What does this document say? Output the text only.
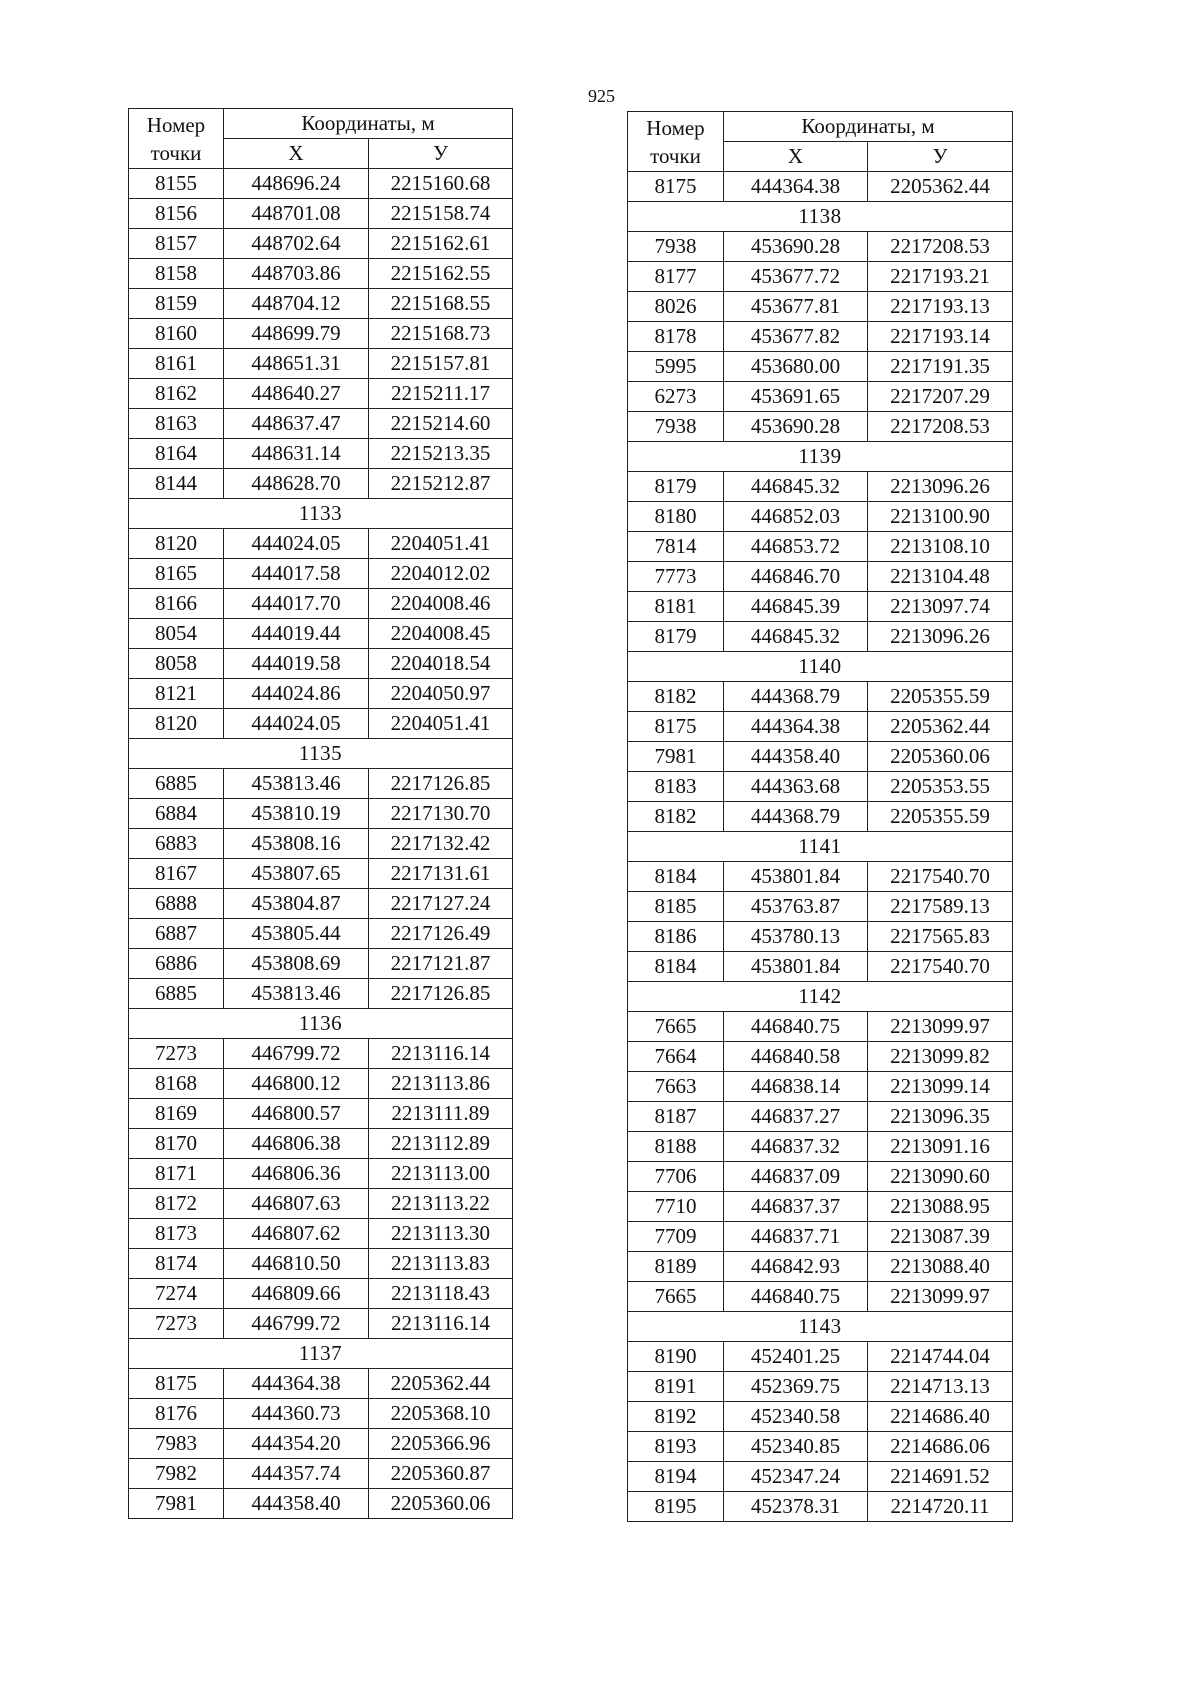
925
Номер
точки	Координаты, м	
	X	У
8155	448696.24	2215160.68
8156	448701.08	2215158.74
8157	448702.64	2215162.61
8158	448703.86	2215162.55
8159	448704.12	2215168.55
8160	448699.79	2215168.73
8161	448651.31	2215157.81
8162	448640.27	2215211.17
8163	448637.47	2215214.60
8164	448631.14	2215213.35
8144	448628.70	2215212.87
1133		
8120	444024.05	2204051.41
8165	444017.58	2204012.02
8166	444017.70	2204008.46
8054	444019.44	2204008.45
8058	444019.58	2204018.54
8121	444024.86	2204050.97
8120	444024.05	2204051.41
1135		
6885	453813.46	2217126.85
6884	453810.19	2217130.70
6883	453808.16	2217132.42
8167	453807.65	2217131.61
6888	453804.87	2217127.24
6887	453805.44	2217126.49
6886	453808.69	2217121.87
6885	453813.46	2217126.85
1136		
7273	446799.72	2213116.14
8168	446800.12	2213113.86
8169	446800.57	2213111.89
8170	446806.38	2213112.89
8171	446806.36	2213113.00
8172	446807.63	2213113.22
8173	446807.62	2213113.30
8174	446810.50	2213113.83
7274	446809.66	2213118.43
7273	446799.72	2213116.14
1137		
8175	444364.38	2205362.44
8176	444360.73	2205368.10
7983	444354.20	2205366.96
7982	444357.74	2205360.87
7981	444358.40	2205360.06
Номер
точки	Координаты, м	
	X	У
8175	444364.38	2205362.44
1138		
7938	453690.28	2217208.53
8177	453677.72	2217193.21
8026	453677.81	2217193.13
8178	453677.82	2217193.14
5995	453680.00	2217191.35
6273	453691.65	2217207.29
7938	453690.28	2217208.53
1139		
8179	446845.32	2213096.26
8180	446852.03	2213100.90
7814	446853.72	2213108.10
7773	446846.70	2213104.48
8181	446845.39	2213097.74
8179	446845.32	2213096.26
1140		
8182	444368.79	2205355.59
8175	444364.38	2205362.44
7981	444358.40	2205360.06
8183	444363.68	2205353.55
8182	444368.79	2205355.59
1141		
8184	453801.84	2217540.70
8185	453763.87	2217589.13
8186	453780.13	2217565.83
8184	453801.84	2217540.70
1142		
7665	446840.75	2213099.97
7664	446840.58	2213099.82
7663	446838.14	2213099.14
8187	446837.27	2213096.35
8188	446837.32	2213091.16
7706	446837.09	2213090.60
7710	446837.37	2213088.95
7709	446837.71	2213087.39
8189	446842.93	2213088.40
7665	446840.75	2213099.97
1143		
8190	452401.25	2214744.04
8191	452369.75	2214713.13
8192	452340.58	2214686.40
8193	452340.85	2214686.06
8194	452347.24	2214691.52
8195	452378.31	2214720.11
